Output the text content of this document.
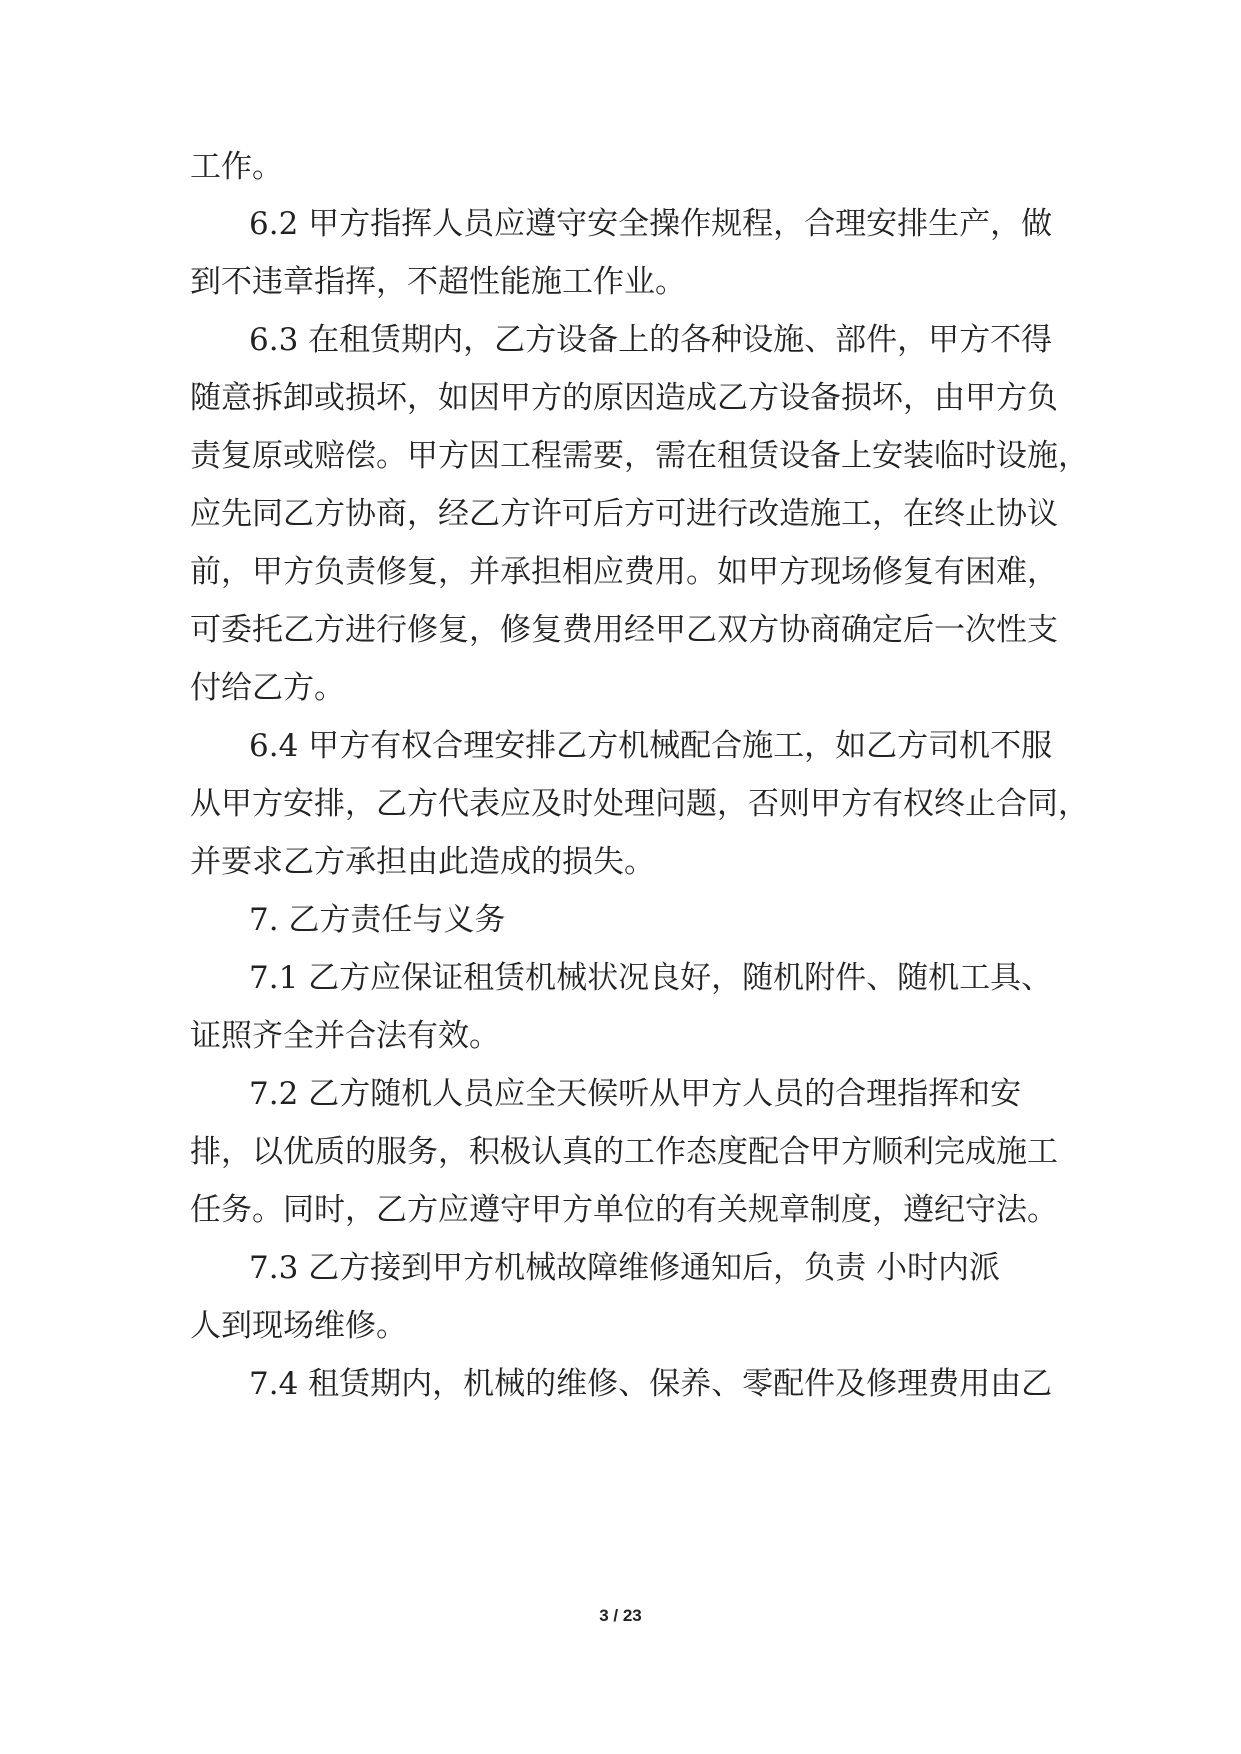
工作。
6.2 甲方指挥人员应遵守安全操作规程，合理安排生产，做
到不违章指挥，不超性能施工作业。
6.3 在租赁期内，乙方设备上的各种设施、部件，甲方不得
随意拆卸或损坏，如因甲方的原因造成乙方设备损坏，由甲方负
责复原或赔偿。甲方因工程需要，需在租赁设备上安装临时设施，
应先同乙方协商，经乙方许可后方可进行改造施工，在终止协议
前，甲方负责修复，并承担相应费用。如甲方现场修复有困难，
可委托乙方进行修复，修复费用经甲乙双方协商确定后一次性支
付给乙方。
6.4 甲方有权合理安排乙方机械配合施工，如乙方司机不服
从甲方安排，乙方代表应及时处理问题，否则甲方有权终止合同，
并要求乙方承担由此造成的损失。
7. 乙方责任与义务
7.1 乙方应保证租赁机械状况良好，随机附件、随机工具、
证照齐全并合法有效。
7.2 乙方随机人员应全天候听从甲方人员的合理指挥和安
排，以优质的服务，积极认真的工作态度配合甲方顺利完成施工
任务。同时，乙方应遵守甲方单位的有关规章制度，遵纪守法。
7.3 乙方接到甲方机械故障维修通知后，负责 小时内派
人到现场维修。
7.4 租赁期内，机械的维修、保养、零配件及修理费用由乙
3 / 23
